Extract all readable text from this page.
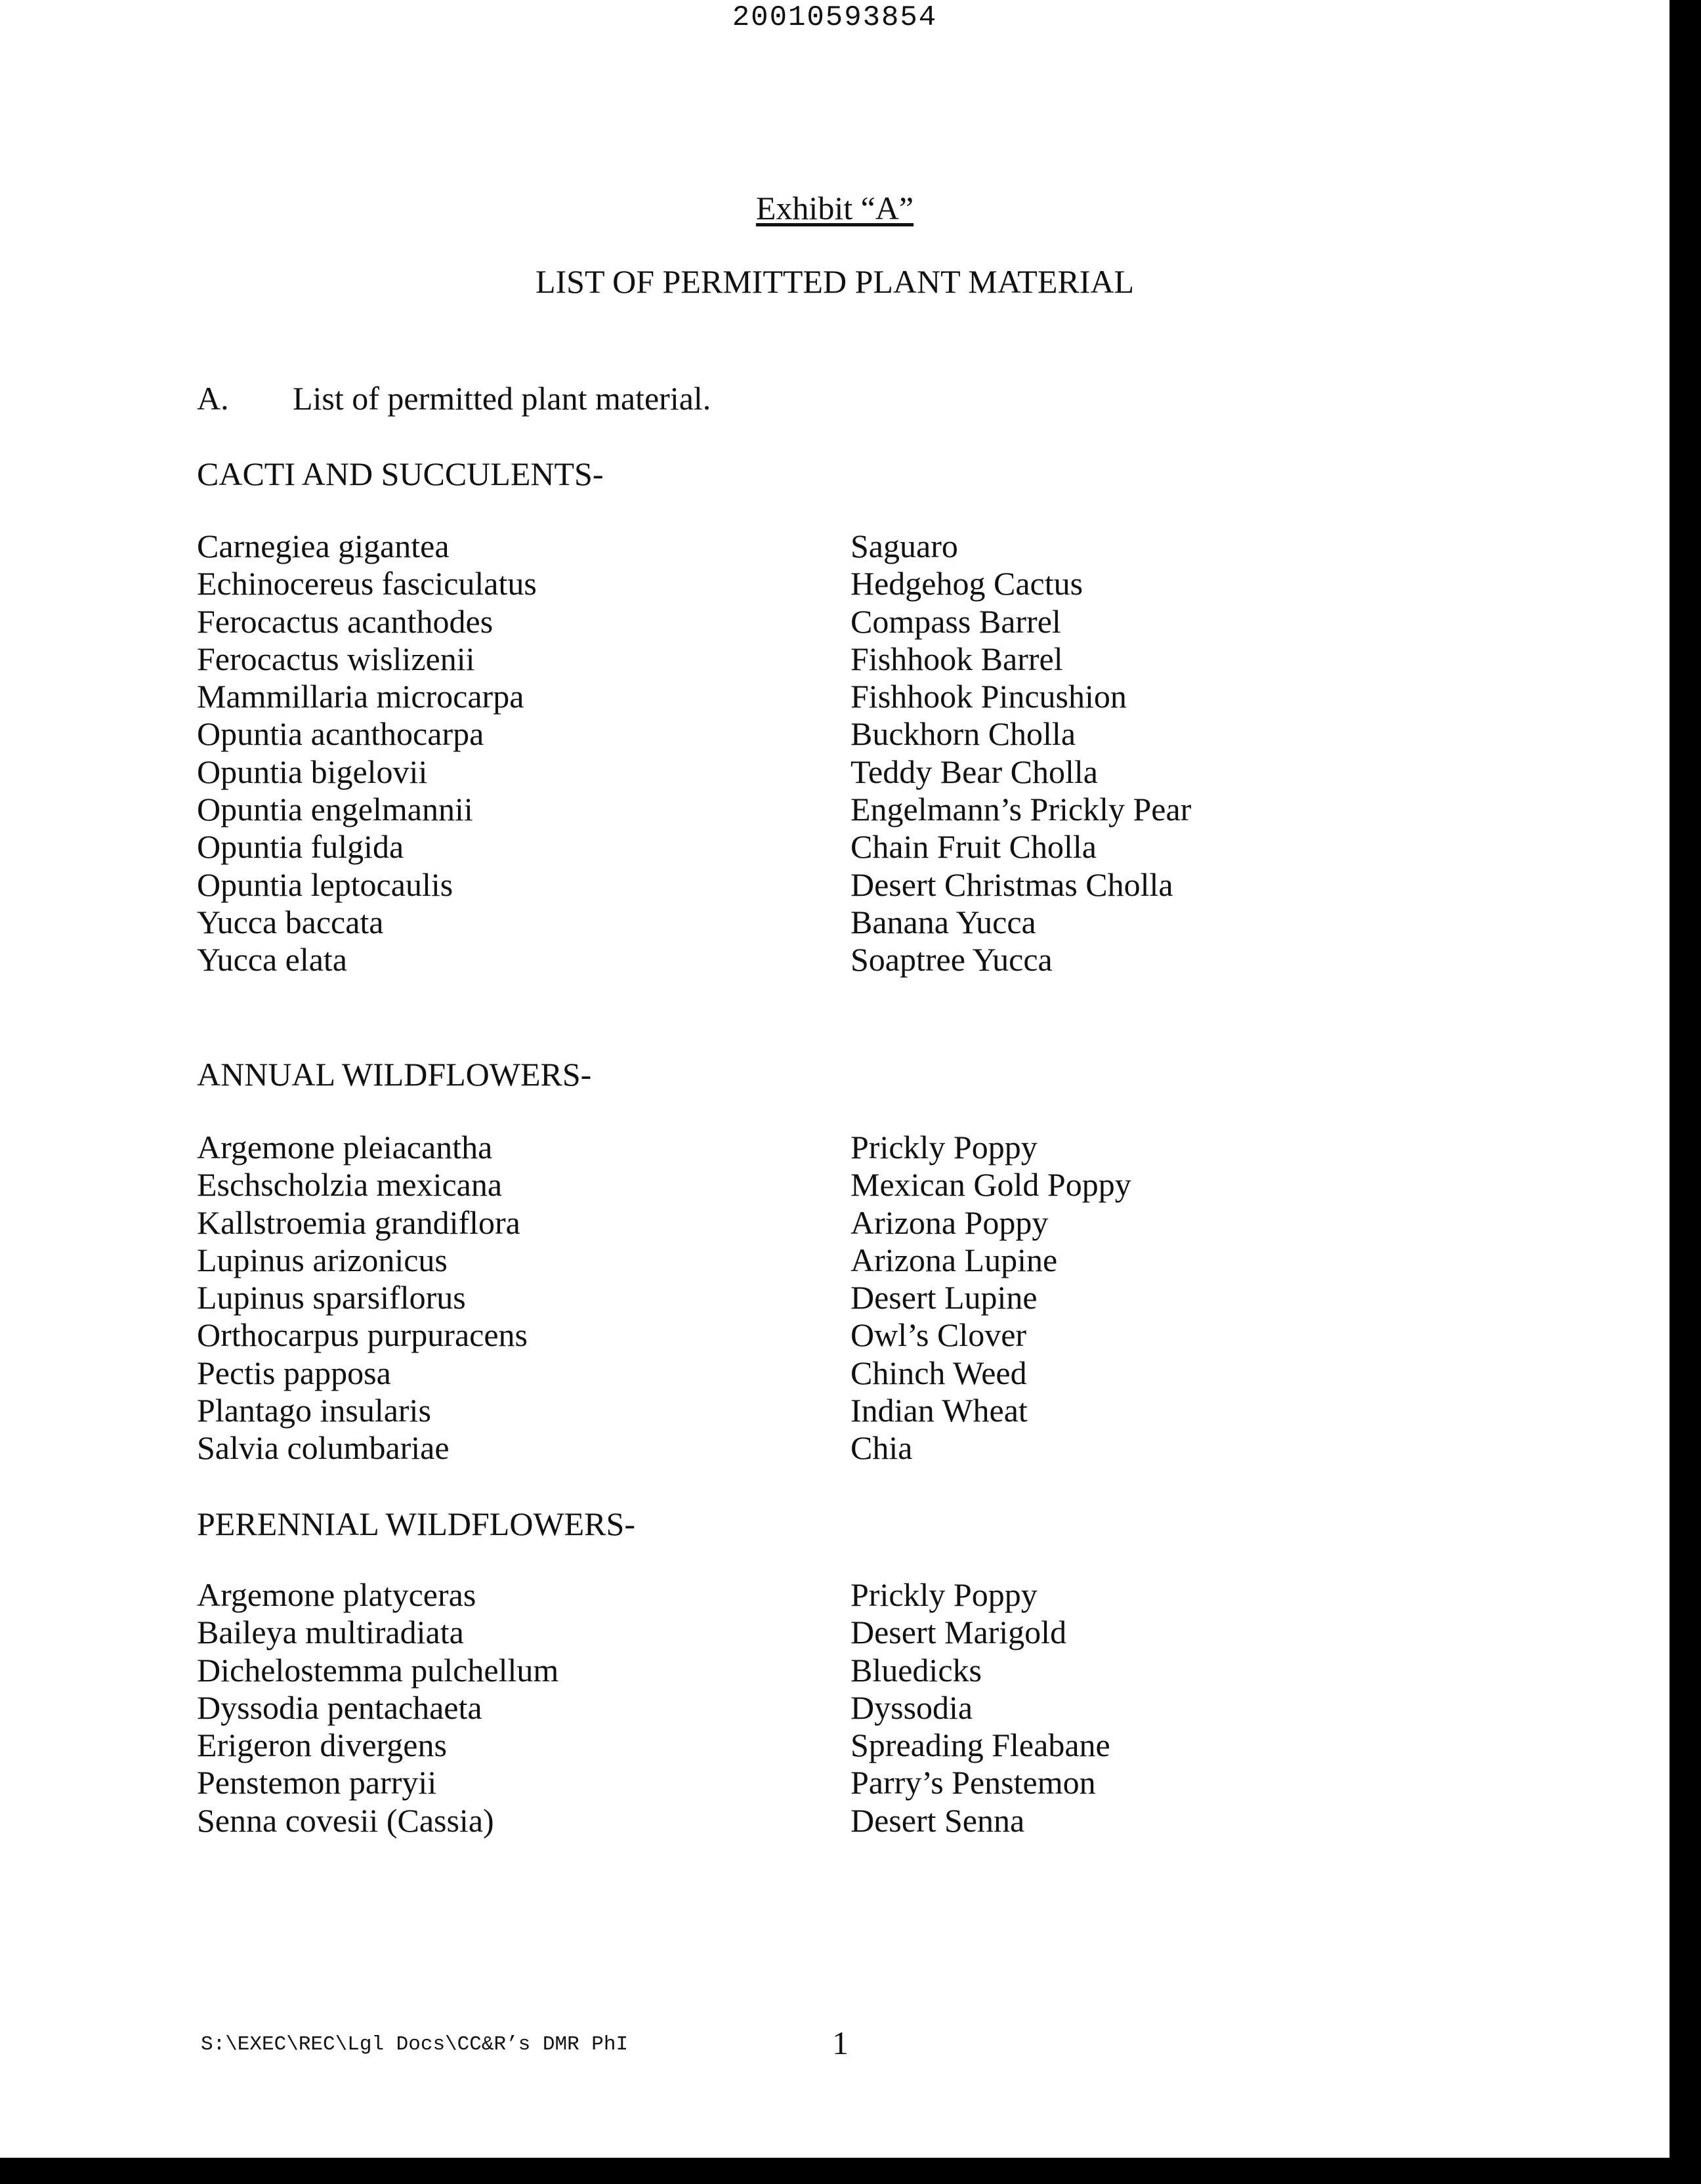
20010593854
Exhibit “A”
LIST OF PERMITTED PLANT MATERIAL
A. List of permitted plant material.
CACTI AND SUCCULENTS-
Carnegiea gigantea	Saguaro
Echinocereus fasciculatus	Hedgehog Cactus
Ferocactus acanthodes	Compass Barrel
Ferocactus wislizenii	Fishhook Barrel
Mammillaria microcarpa	Fishhook Pincushion
Opuntia acanthocarpa	Buckhorn Cholla
Opuntia bigelovii	Teddy Bear Cholla
Opuntia engelmannii	Engelmann’s Prickly Pear
Opuntia fulgida	Chain Fruit Cholla
Opuntia leptocaulis	Desert Christmas Cholla
Yucca baccata	Banana Yucca
Yucca elata	Soaptree Yucca
ANNUAL WILDFLOWERS-
Argemone pleiacantha	Prickly Poppy
Eschscholzia mexicana	Mexican Gold Poppy
Kallstroemia grandiflora	Arizona Poppy
Lupinus arizonicus	Arizona Lupine
Lupinus sparsiflorus	Desert Lupine
Orthocarpus purpuracens	Owl’s Clover
Pectis papposa	Chinch Weed
Plantago insularis	Indian Wheat
Salvia columbariae	Chia
PERENNIAL WILDFLOWERS-
Argemone platyceras	Prickly Poppy
Baileya multiradiata	Desert Marigold
Dichelostemma pulchellum	Bluedicks
Dyssodia pentachaeta	Dyssodia
Erigeron divergens	Spreading Fleabane
Penstemon parryii	Parry’s Penstemon
Senna covesii (Cassia)	Desert Senna
S:\EXEC\REC\Lgl Docs\CC&R’s DMR PhI	1
